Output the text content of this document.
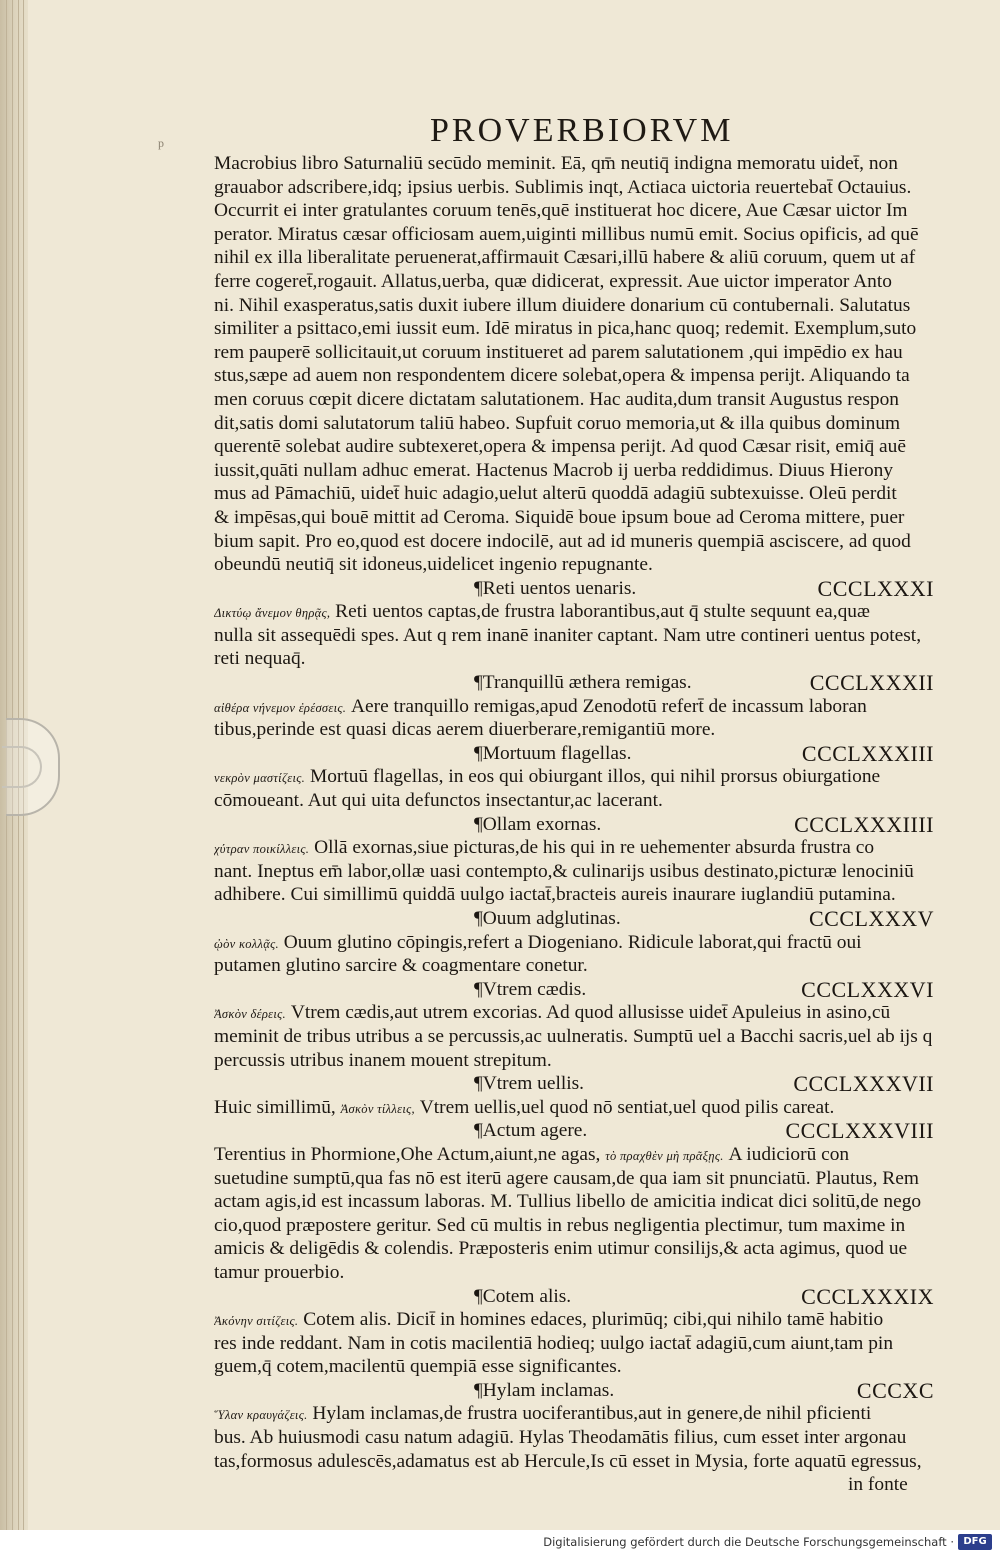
p	PROVERBIORVM
Macrobius libro Saturnaliū secūdo meminit. Eā, qm̄ neutiq̄ indigna memoratu uidet̄, non
grauabor adscribere,idq; ipsius uerbis. Sublimis inqt, Actiaca uictoria reuertebat̄ Octauius.
Occurrit ei inter gratulantes coruum tenēs,quē instituerat hoc dicere, Aue Cæsar uictor Im
perator. Miratus cæsar officiosam auem,uiginti millibus numū emit. Socius opificis, ad quē
nihil ex illa liberalitate peruenerat,affirmauit Cæsari,illū habere & aliū coruum, quem ut af
ferre cogeret̄,rogauit. Allatus,uerba, quæ didicerat, expressit. Aue uictor imperator Anto
ni. Nihil exasperatus,satis duxit iubere illum diuidere donarium cū contubernali. Salutatus
similiter a psittaco,emi iussit eum. Idē miratus in pica,hanc quoq; redemit. Exemplum,suto
rem pauperē sollicitauit,ut coruum institueret ad parem salutationem ,qui impēdio ex hau
stus,sæpe ad auem non respondentem dicere solebat,opera & impensa perijt. Aliquando ta
men coruus cœpit dicere dictatam salutationem. Hac audita,dum transit Augustus respon
dit,satis domi salutatorum taliū habeo. Supfuit coruo memoria,ut & illa quibus dominum
querentē solebat audire subtexeret,opera & impensa perijt. Ad quod Cæsar risit, emiq̄ auē
iussit,quāti nullam adhuc emerat. Hactenus Macrob ij uerba reddidimus. Diuus Hierony
mus ad Pāmachiū, uidet̄ huic adagio,uelut alterū quoddā adagiū subtexuisse. Oleū perdit
& impēsas,qui bouē mittit ad Ceroma. Siquidē boue ipsum boue ad Ceroma mittere, puer
bium sapit. Pro eo,quod est docere indocilē, aut ad id muneris quempiā asciscere, ad quod
obeundū neutiq̄ sit idoneus,uidelicet ingenio repugnante.
¶Reti uentos uenaris.	CCCLXXXI
Δικτύῳ ἄνεμον θηρᾷς, Reti uentos captas,de frustra laborantibus,aut q̄ stulte sequunt ea,quæ
nulla sit assequēdi spes. Aut q rem inanē inaniter captant. Nam utre contineri uentus potest,
reti nequaq̄.
¶Tranquillū æthera remigas.	CCCLXXXII
αἰθέρα νήνεμον ἐρέσσεις. Aere tranquillo remigas,apud Zenodotū refert̄ de incassum laboran
tibus,perinde est quasi dicas aerem diuerberare,remigantiū more.
¶Mortuum flagellas.	CCCLXXXIII
νεκρὸν μαστίζεις. Mortuū flagellas, in eos qui obiurgant illos, qui nihil prorsus obiurgatione
cōmoueant. Aut qui uita defunctos insectantur,ac lacerant.
¶Ollam exornas.	CCCLXXXIIII
χύτραν ποικίλλεις. Ollā exornas,siue picturas,de his qui in re uehementer absurda frustra co
nant. Ineptus em̄ labor,ollæ uasi contempto,& culinarijs usibus destinato,picturæ lenociniū
adhibere. Cui simillimū quiddā uulgo iactat̄,bracteis aureis inaurare iuglandiū putamina.
¶Ouum adglutinas.	CCCLXXXV
ᾠὸν κολλᾷς. Ouum glutino cōpingis,refert a Diogeniano. Ridicule laborat,qui fractū oui
putamen glutino sarcire & coagmentare conetur.
¶Vtrem cædis.	CCCLXXXVI
Ἀσκὸν δέρεις. Vtrem cædis,aut utrem excorias. Ad quod allusisse uidet̄ Apuleius in asino,cū
meminit de tribus utribus a se percussis,ac uulneratis. Sumptū uel a Bacchi sacris,uel ab ijs q
percussis utribus inanem mouent strepitum.
¶Vtrem uellis.	CCCLXXXVII
Huic simillimū, Ἀσκὸν τίλλεις, Vtrem uellis,uel quod nō sentiat,uel quod pilis careat.
¶Actum agere.	CCCLXXXVIII
Terentius in Phormione,Ohe Actum,aiunt,ne agas, τὸ πραχθὲν μὴ πρᾶξῃς. A iudiciorū con
suetudine sumptū,qua fas nō est iterū agere causam,de qua iam sit pnunciatū. Plautus, Rem
actam agis,id est incassum laboras. M. Tullius libello de amicitia indicat dici solitū,de nego
cio,quod præpostere geritur. Sed cū multis in rebus negligentia plectimur, tum maxime in
amicis & deligēdis & colendis. Præposteris enim utimur consilijs,& acta agimus, quod ue
tamur prouerbio.
¶Cotem alis.	CCCLXXXIX
Ἀκόνην σιτίζεις. Cotem alis. Dicit̄ in homines edaces, plurimūq; cibi,qui nihilo tamē habitio
res inde reddant. Nam in cotis macilentiā hodieq; uulgo iactat̄ adagiū,cum aiunt,tam pin
guem,q̄ cotem,macilentū quempiā esse significantes.
¶Hylam inclamas.	CCCXC
Ὕλαν κραυγάζεις. Hylam inclamas,de frustra uociferantibus,aut in genere,de nihil pficienti
bus. Ab huiusmodi casu natum adagiū. Hylas Theodamātis filius, cum esset inter argonau
tas,formosus adulescēs,adamatus est ab Hercule,Is cū esset in Mysia, forte aquatū egressus,
in fonte
Digitalisierung gefördert durch die Deutsche Forschungsgemeinschaft · DFG
